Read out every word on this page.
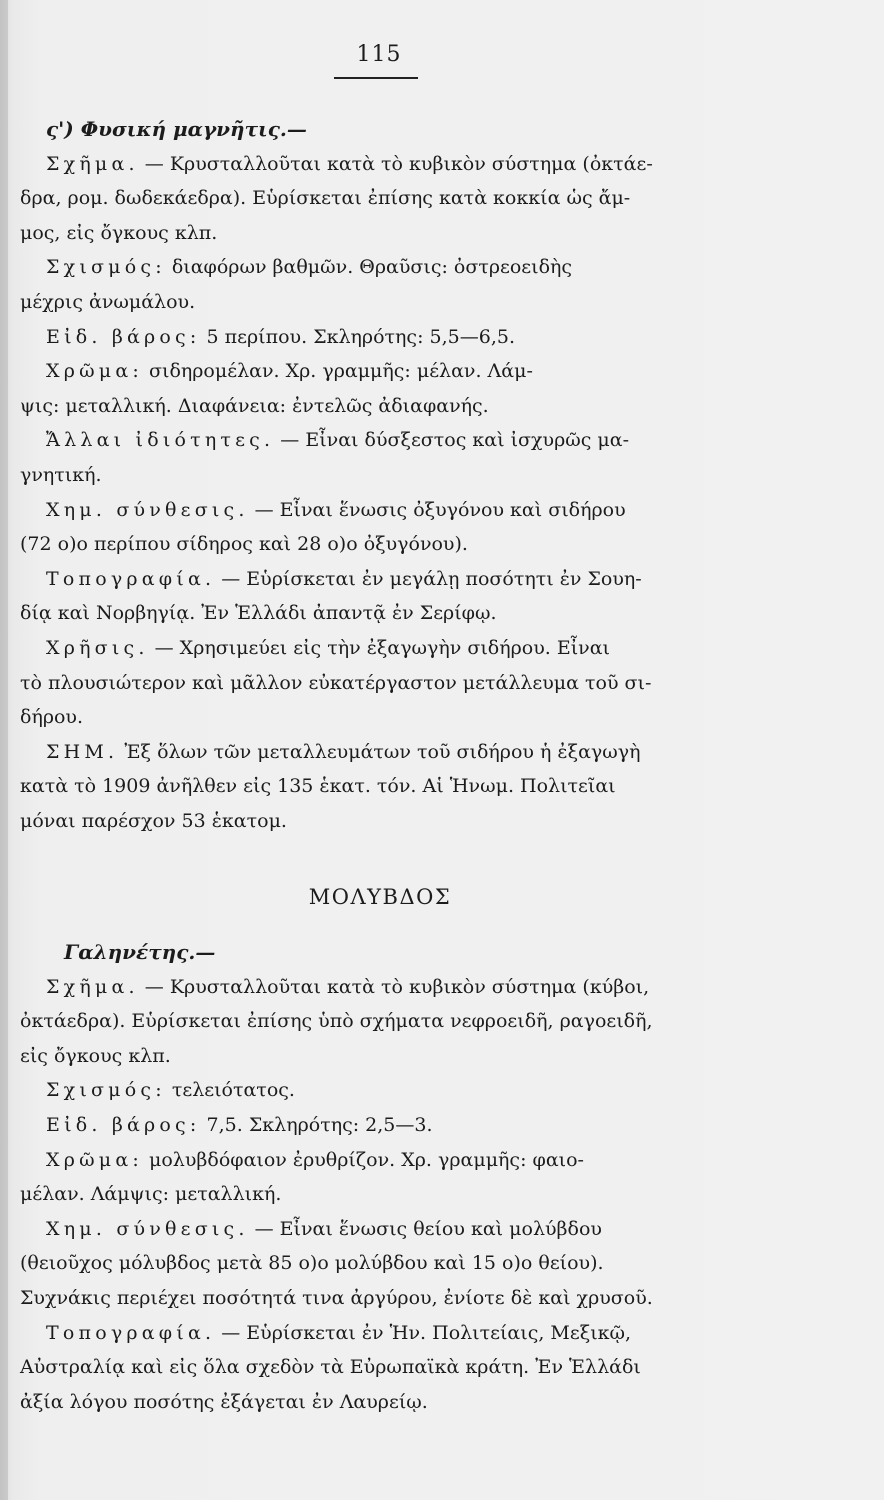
115
ς') Φυσική μαγνῆτις.—
Σχῆμα. — Κρυσταλλοῦται κατὰ τὸ κυβικὸν σύστημα (ὀκτάε-
δρα, ρομ. δωδεκάεδρα). Εὑρίσκεται ἐπίσης κατὰ κοκκία ὡς ἄμ-
μος, εἰς ὄγκους κλπ.
Σχισμός: διαφόρων βαθμῶν. Θραῦσις: ὀστρεοειδὴς
μέχρις ἀνωμάλου.
Εἰδ. βάρος: 5 περίπου. Σκληρότης: 5,5—6,5.
Χρῶμα: σιδηρομέλαν. Χρ. γραμμῆς: μέλαν. Λάμ-
ψις: μεταλλική. Διαφάνεια: ἐντελῶς ἀδιαφανής.
Ἄλλαι ἰδιότητες. — Εἶναι δύσξεστος καὶ ἰσχυρῶς μα-
γνητική.
Χημ. σύνθεσις. — Εἶναι ἕνωσις ὀξυγόνου καὶ σιδήρου
(72 ο)ο περίπου σίδηρος καὶ 28 ο)ο ὀξυγόνου).
Τοπογραφία. — Εὑρίσκεται ἐν μεγάλῃ ποσότητι ἐν Σουη-
δίᾳ καὶ Νορβηγίᾳ. Ἐν Ἑλλάδι ἀπαντᾷ ἐν Σερίφῳ.
Χρῆσις. — Χρησιμεύει εἰς τὴν ἐξαγωγὴν σιδήρου. Εἶναι
τὸ πλουσιώτερον καὶ μᾶλλον εὐκατέργαστον μετάλλευμα τοῦ σι-
δήρου.
ΣΗΜ. Ἐξ ὅλων τῶν μεταλλευμάτων τοῦ σιδήρου ἡ ἐξαγωγὴ
κατὰ τὸ 1909 ἀνῆλθεν εἰς 135 ἑκατ. τόν. Αἱ Ἡνωμ. Πολιτεῖαι
μόναι παρέσχον 53 ἑκατομ.
ΜΟΛΥΒΔΟΣ
Γαληνέτης.—
Σχῆμα. — Κρυσταλλοῦται κατὰ τὸ κυβικὸν σύστημα (κύβοι,
ὀκτάεδρα). Εὑρίσκεται ἐπίσης ὑπὸ σχήματα νεφροειδῆ, ραγοειδῆ,
εἰς ὄγκους κλπ.
Σχισμός: τελειότατος.
Εἰδ. βάρος: 7,5. Σκληρότης: 2,5—3.
Χρῶμα: μολυβδόφαιον ἐρυθρίζον. Χρ. γραμμῆς: φαιο-
μέλαν. Λάμψις: μεταλλική.
Χημ. σύνθεσις. — Εἶναι ἕνωσις θείου καὶ μολύβδου
(θειοῦχος μόλυβδος μετὰ 85 ο)ο μολύβδου καὶ 15 ο)ο θείου).
Συχνάκις περιέχει ποσότητά τινα ἀργύρου, ἐνίοτε δὲ καὶ χρυσοῦ.
Τοπογραφία. — Εὑρίσκεται ἐν Ἡν. Πολιτείαις, Μεξικῷ,
Αὐστραλίᾳ καὶ εἰς ὅλα σχεδὸν τὰ Εὐρωπαϊκὰ κράτη. Ἐν Ἑλλάδι
ἀξία λόγου ποσότης ἐξάγεται ἐν Λαυρείῳ.
